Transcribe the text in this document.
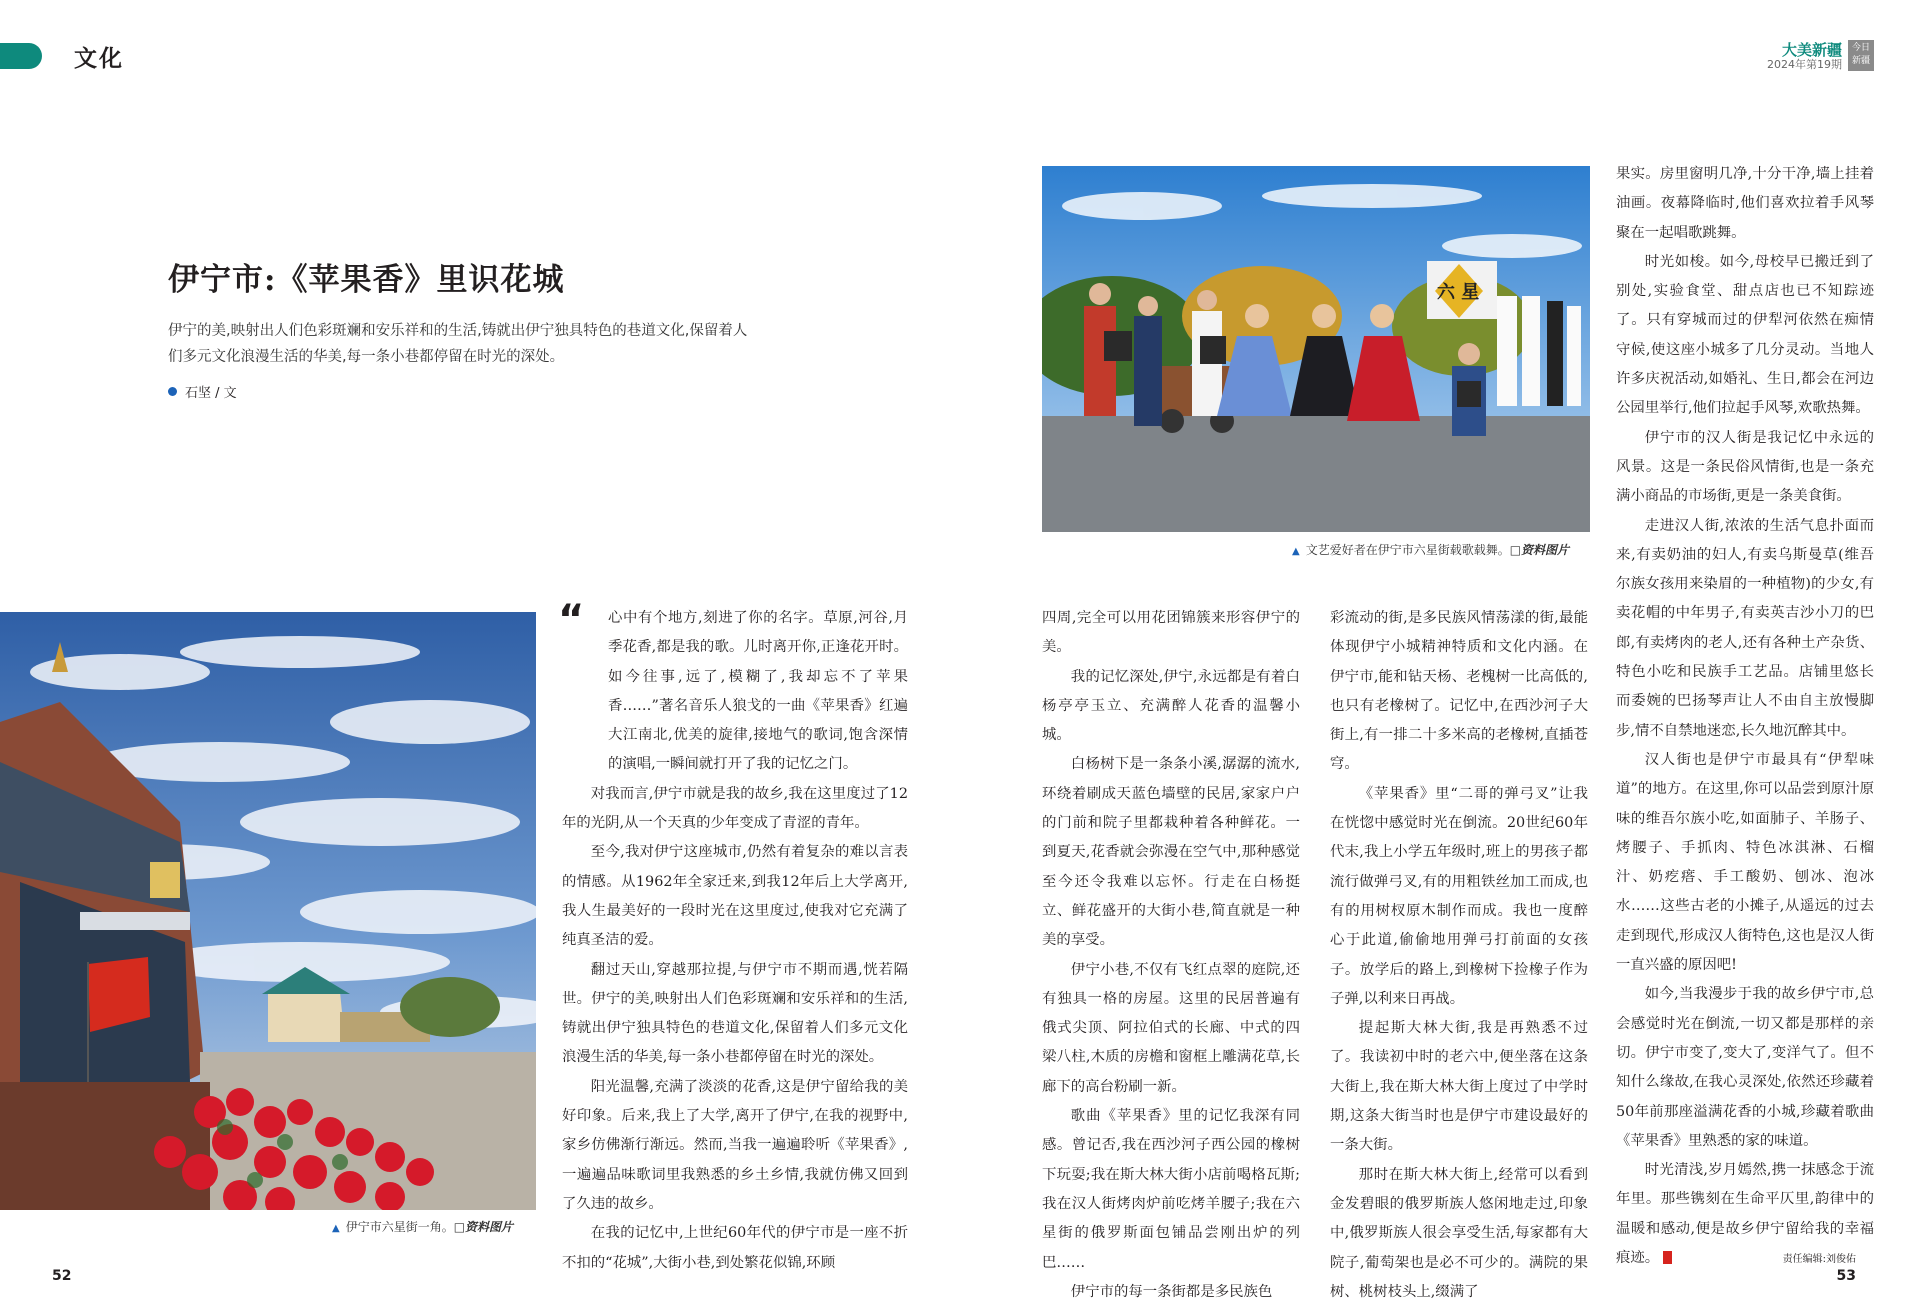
文化	大美新疆
2024年第19期
今日新疆
伊宁市:《苹果香》里识花城
伊宁的美,映射出人们色彩斑斓和安乐祥和的生活,铸就出伊宁独具特色的巷道文化,保留着人们多元文化浪漫生活的华美,每一条小巷都停留在时光的深处。
石坚 / 文
▲ 伊宁市六星街一角。□资料图片
六 星
▲ 文艺爱好者在伊宁市六星街载歌载舞。□资料图片
“	心中有个地方,刻进了你的名字。草原,河谷,月季花香,都是我的歌。儿时离开你,正逢花开时。如今往事,远了,模糊了,我却忘不了苹果香……”著名音乐人狼戈的一曲《苹果香》红遍大江南北,优美的旋律,接地气的歌词,饱含深情的演唱,一瞬间就打开了我的记忆之门。

对我而言,伊宁市就是我的故乡,我在这里度过了12年的光阴,从一个天真的少年变成了青涩的青年。

至今,我对伊宁这座城市,仍然有着复杂的难以言表的情感。从1962年全家迁来,到我12年后上大学离开,我人生最美好的一段时光在这里度过,使我对它充满了纯真圣洁的爱。

翻过天山,穿越那拉提,与伊宁市不期而遇,恍若隔世。伊宁的美,映射出人们色彩斑斓和安乐祥和的生活,铸就出伊宁独具特色的巷道文化,保留着人们多元文化浪漫生活的华美,每一条小巷都停留在时光的深处。

阳光温馨,充满了淡淡的花香,这是伊宁留给我的美好印象。后来,我上了大学,离开了伊宁,在我的视野中,家乡仿佛渐行渐远。然而,当我一遍遍聆听《苹果香》,一遍遍品味歌词里我熟悉的乡土乡情,我就仿佛又回到了久违的故乡。

在我的记忆中,上世纪60年代的伊宁市是一座不折不扣的“花城”,大街小巷,到处繁花似锦,环顾

四周,完全可以用花团锦簇来形容伊宁的美。

我的记忆深处,伊宁,永远都是有着白杨亭亭玉立、充满醉人花香的温馨小城。

白杨树下是一条条小溪,潺潺的流水,环绕着刷成天蓝色墙壁的民居,家家户户的门前和院子里都栽种着各种鲜花。一到夏天,花香就会弥漫在空气中,那种感觉至今还令我难以忘怀。行走在白杨挺立、鲜花盛开的大街小巷,简直就是一种美的享受。

伊宁小巷,不仅有飞红点翠的庭院,还有独具一格的房屋。这里的民居普遍有俄式尖顶、阿拉伯式的长廊、中式的四梁八柱,木质的房檐和窗框上雕满花草,长廊下的高台粉刷一新。

歌曲《苹果香》里的记忆我深有同感。曾记否,我在西沙河子西公园的橡树下玩耍;我在斯大林大街小店前喝格瓦斯;我在汉人街烤肉炉前吃烤羊腰子;我在六星街的俄罗斯面包铺品尝刚出炉的列巴……

伊宁市的每一条街都是多民族色

彩流动的街,是多民族风情荡漾的街,最能体现伊宁小城精神特质和文化内涵。在伊宁市,能和钻天杨、老槐树一比高低的,也只有老橡树了。记忆中,在西沙河子大街上,有一排二十多米高的老橡树,直插苍穹。

《苹果香》里“二哥的弹弓叉”让我在恍惚中感觉时光在倒流。20世纪60年代末,我上小学五年级时,班上的男孩子都流行做弹弓叉,有的用粗铁丝加工而成,也有的用树杈原木制作而成。我也一度醉心于此道,偷偷地用弹弓打前面的女孩子。放学后的路上,到橡树下捡橡子作为子弹,以利来日再战。

提起斯大林大街,我是再熟悉不过了。我读初中时的老六中,便坐落在这条大街上,我在斯大林大街上度过了中学时期,这条大街当时也是伊宁市建设最好的一条大街。

那时在斯大林大街上,经常可以看到金发碧眼的俄罗斯族人悠闲地走过,印象中,俄罗斯族人很会享受生活,每家都有大院子,葡萄架也是必不可少的。满院的果树、桃树枝头上,缀满了

果实。房里窗明几净,十分干净,墙上挂着油画。夜幕降临时,他们喜欢拉着手风琴聚在一起唱歌跳舞。

时光如梭。如今,母校早已搬迁到了别处,实验食堂、甜点店也已不知踪迹了。只有穿城而过的伊犁河依然在痴情守候,使这座小城多了几分灵动。当地人许多庆祝活动,如婚礼、生日,都会在河边公园里举行,他们拉起手风琴,欢歌热舞。

伊宁市的汉人街是我记忆中永远的风景。这是一条民俗风情街,也是一条充满小商品的市场街,更是一条美食街。

走进汉人街,浓浓的生活气息扑面而来,有卖奶油的妇人,有卖乌斯曼草(维吾尔族女孩用来染眉的一种植物)的少女,有卖花帽的中年男子,有卖英吉沙小刀的巴郎,有卖烤肉的老人,还有各种土产杂货、特色小吃和民族手工艺品。店铺里悠长而委婉的巴扬琴声让人不由自主放慢脚步,情不自禁地迷恋,长久地沉醉其中。

汉人街也是伊宁市最具有“伊犁味道”的地方。在这里,你可以品尝到原汁原味的维吾尔族小吃,如面肺子、羊肠子、烤腰子、手抓肉、特色冰淇淋、石榴汁、奶疙瘩、手工酸奶、刨冰、泡冰水……这些古老的小摊子,从遥远的过去走到现代,形成汉人街特色,这也是汉人街一直兴盛的原因吧!

如今,当我漫步于我的故乡伊宁市,总会感觉时光在倒流,一切又都是那样的亲切。伊宁市变了,变大了,变洋气了。但不知什么缘故,在我心灵深处,依然还珍藏着50年前那座溢满花香的小城,珍藏着歌曲《苹果香》里熟悉的家的味道。

时光清浅,岁月嫣然,携一抹感念于流年里。那些镌刻在生命平仄里,韵律中的温暖和感动,便是故乡伊宁留给我的幸福痕迹。

52	53
责任编辑:刘俊佑
